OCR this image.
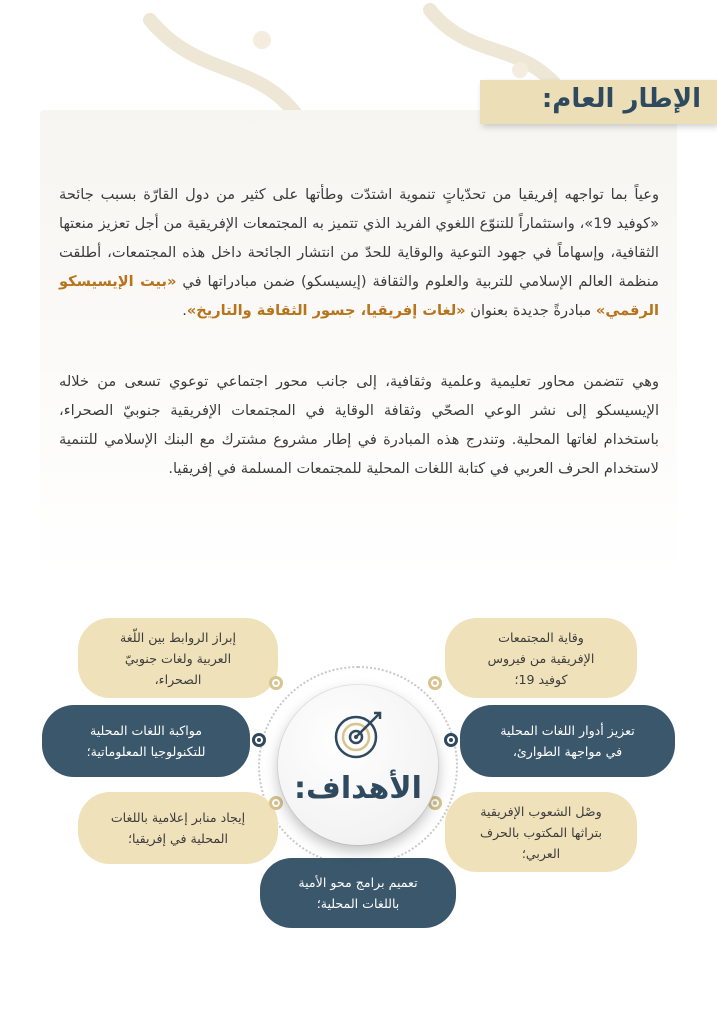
الإطار العام:

وعياً بما تواجهه إفريقيا من تحدّياتٍ تنموية اشتدّت وطأتها على كثير من دول القارّة بسبب جائحة «كوفيد 19»، واستثماراً للتنوّع اللغوي الفريد الذي تتميز به المجتمعات الإفريقية من أجل تعزيز منعتها الثقافية، وإسهاماً في جهود التوعية والوقاية للحدّ من انتشار الجائحة داخل هذه المجتمعات، أطلقت منظمة العالم الإسلامي للتربية والعلوم والثقافة (إيسيسكو) ضمن مبادراتها في «بيت الإيسيسكو الرقمي» مبادرةً جديدة بعنوان «لغات إفريقيا، جسور الثقافة والتاريخ».

وهي تتضمن محاور تعليمية وعلمية وثقافية، إلى جانب محور اجتماعي توعوي تسعى من خلاله الإيسيسكو إلى نشر الوعي الصحّي وثقافة الوقاية في المجتمعات الإفريقية جنوبيّ الصحراء، باستخدام لغاتها المحلية. وتندرج هذه المبادرة في إطار مشروع مشترك مع البنك الإسلامي للتنمية لاستخدام الحرف العربي في كتابة اللغات المحلية للمجتمعات المسلمة في إفريقيا.

إبراز الروابط بين اللّغة
العربية ولغات جنوبيّ
الصحراء،
وقاية المجتمعات
الإفريقية من فيروس
كوفيد 19؛
مواكبة اللغات المحلية
للتكنولوجيا المعلوماتية؛
تعزيز أدوار اللغات المحلية
في مواجهة الطوارئ،
إيجاد منابر إعلامية باللغات
المحلية في إفريقيا؛
وصْل الشعوب الإفريقية
بتراثها المكتوب بالحرف
العربي؛
تعميم برامج محو الأمية
باللغات المحلية؛
الأهداف:
